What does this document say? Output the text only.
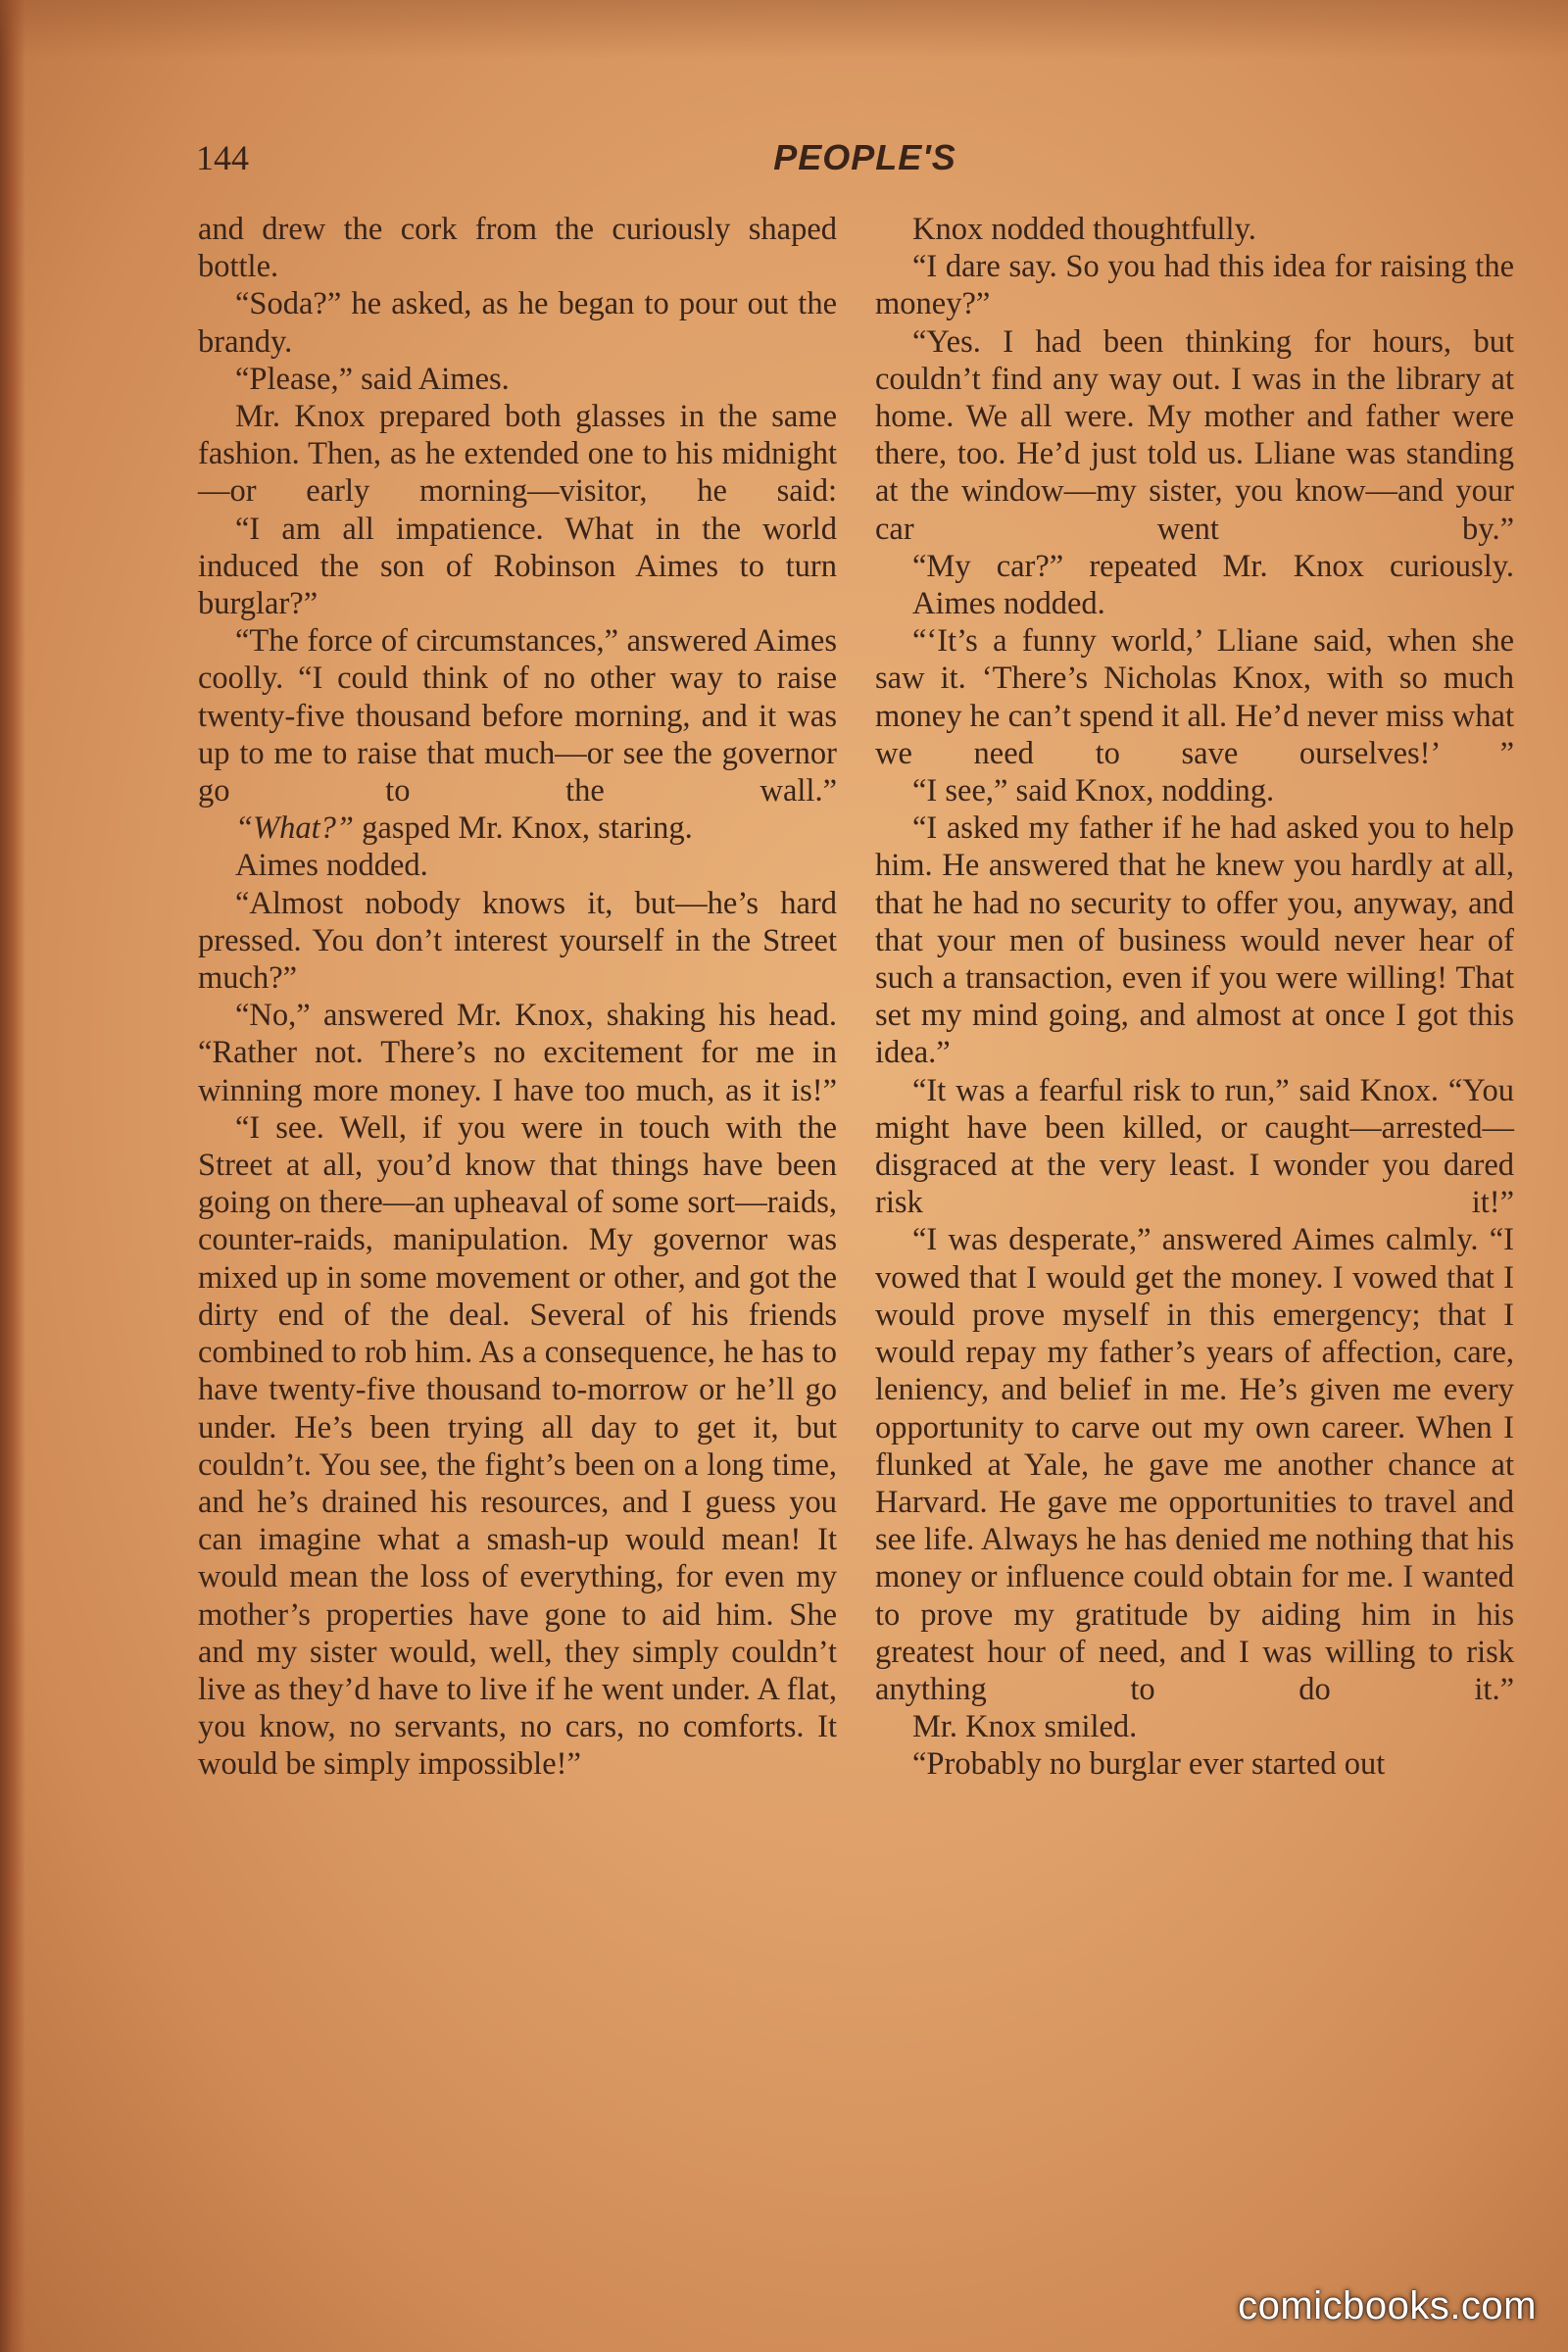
144	PEOPLE'S

and drew the cork from the curiously shaped bottle.

“Soda?” he asked, as he began to pour out the brandy.

“Please,” said Aimes.

Mr. Knox prepared both glasses in the same fashion. Then, as he extended one to his midnight—or early morning—visitor, he said:

“I am all impatience. What in the world induced the son of Robinson Aimes to turn burglar?”

“The force of circumstances,” answered Aimes coolly. “I could think of no other way to raise twenty-five thousand before morning, and it was up to me to raise that much—or see the governor go to the wall.”

“What?” gasped Mr. Knox, staring.

Aimes nodded.

“Almost nobody knows it, but—he’s hard pressed. You don’t interest yourself in the Street much?”

“No,” answered Mr. Knox, shaking his head. “Rather not. There’s no excitement for me in winning more money. I have too much, as it is!”

“I see. Well, if you were in touch with the Street at all, you’d know that things have been going on there—an upheaval of some sort—raids, counter-raids, manipulation. My governor was mixed up in some movement or other, and got the dirty end of the deal. Several of his friends combined to rob him. As a consequence, he has to have twenty-five thousand to-morrow or he’ll go under. He’s been trying all day to get it, but couldn’t. You see, the fight’s been on a long time, and he’s drained his resources, and I guess you can imagine what a smash-up would mean! It would mean the loss of everything, for even my mother’s properties have gone to aid him. She and my sister would, well, they simply couldn’t live as they’d have to live if he went under. A flat, you know, no servants, no cars, no comforts. It would be simply impossible!”

Knox nodded thoughtfully.

“I dare say. So you had this idea for raising the money?”

“Yes. I had been thinking for hours, but couldn’t find any way out. I was in the library at home. We all were. My mother and father were there, too. He’d just told us. Lliane was standing at the window—my sister, you know—and your car went by.”

“My car?” repeated Mr. Knox curiously.

Aimes nodded.

“‘It’s a funny world,’ Lliane said, when she saw it. ‘There’s Nicholas Knox, with so much money he can’t spend it all. He’d never miss what we need to save ourselves!’ ”

“I see,” said Knox, nodding.

“I asked my father if he had asked you to help him. He answered that he knew you hardly at all, that he had no security to offer you, anyway, and that your men of business would never hear of such a transaction, even if you were willing! That set my mind going, and almost at once I got this idea.”

“It was a fearful risk to run,” said Knox. “You might have been killed, or caught—arrested—disgraced at the very least. I wonder you dared risk it!”

“I was desperate,” answered Aimes calmly. “I vowed that I would get the money. I vowed that I would prove myself in this emergency; that I would repay my father’s years of affection, care, leniency, and belief in me. He’s given me every opportunity to carve out my own career. When I flunked at Yale, he gave me another chance at Harvard. He gave me opportunities to travel and see life. Always he has denied me nothing that his money or influence could obtain for me. I wanted to prove my gratitude by aiding him in his greatest hour of need, and I was willing to risk anything to do it.”

Mr. Knox smiled.

“Probably no burglar ever started out

comicbooks.com
